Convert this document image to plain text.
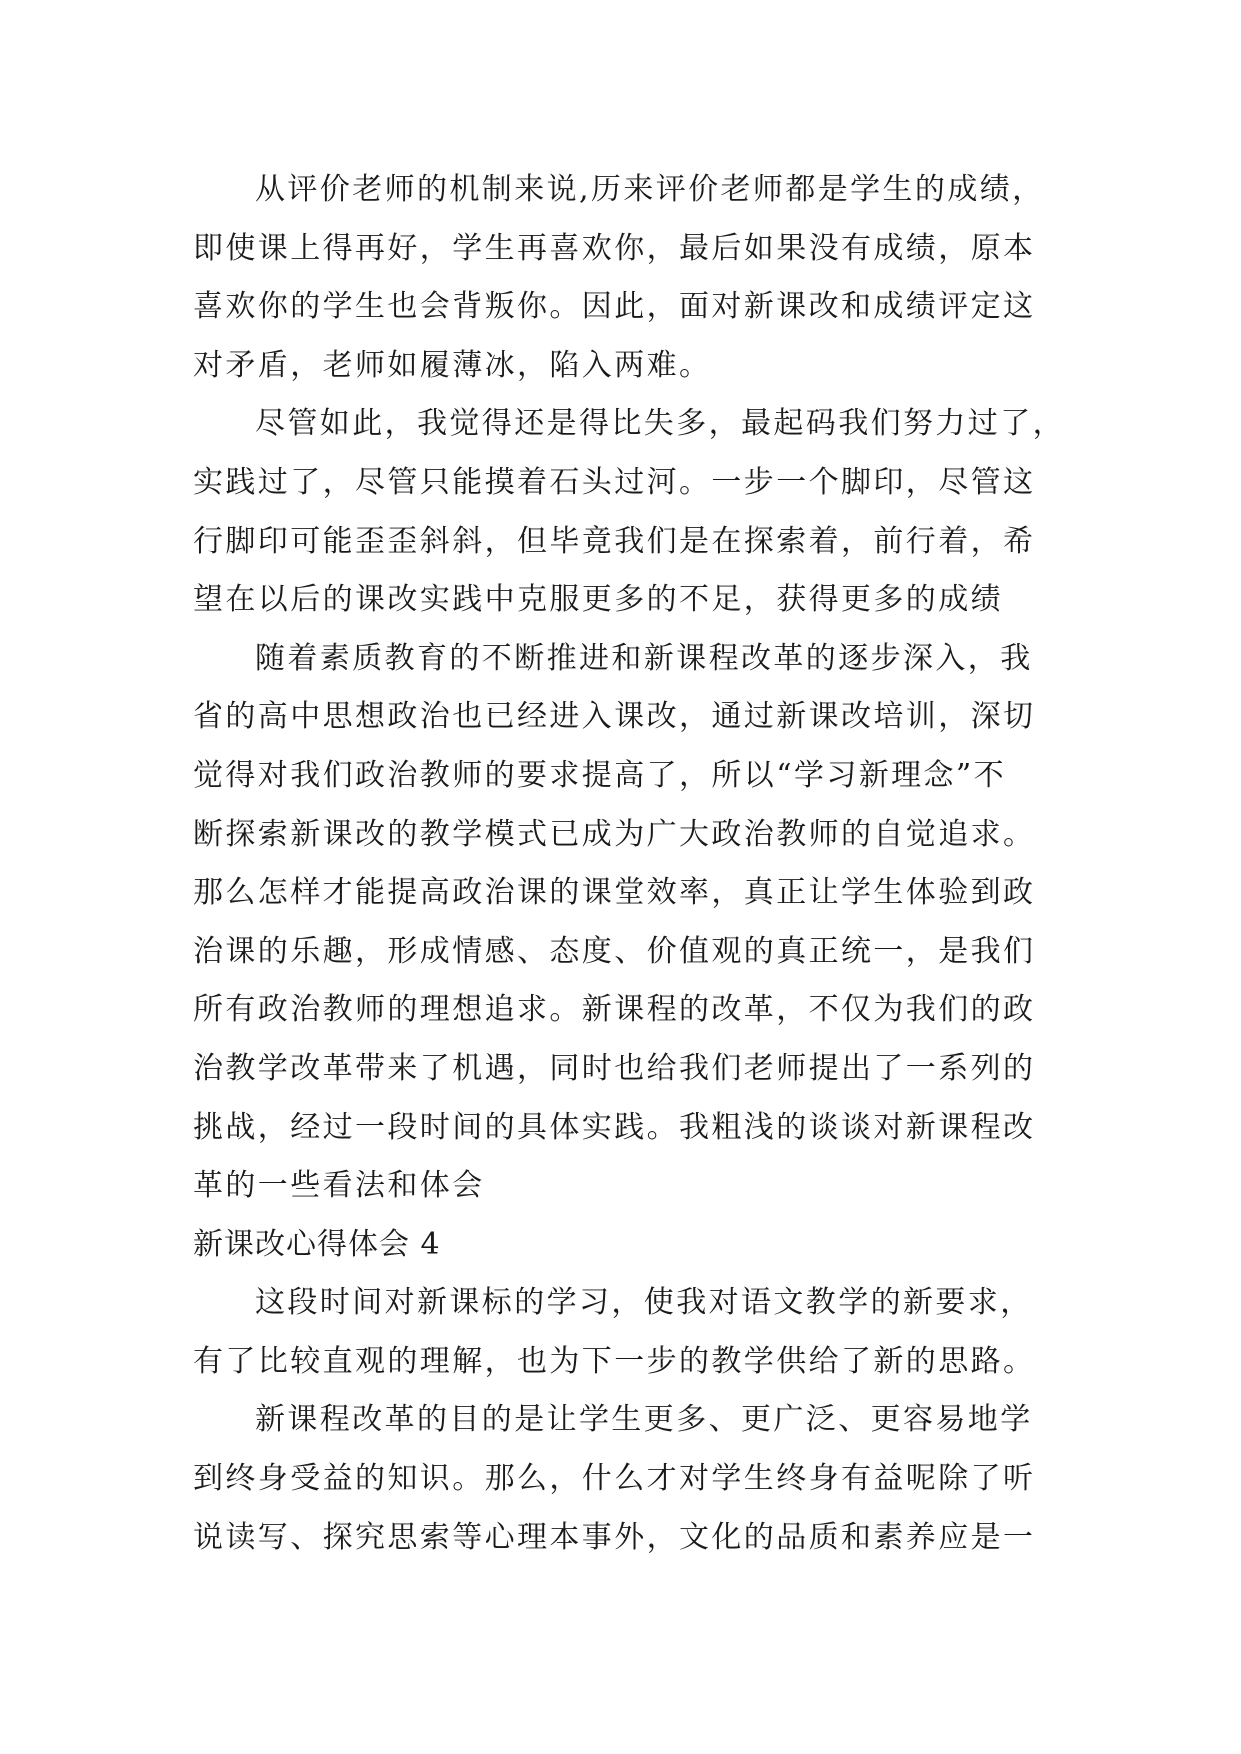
从评价老师的机制来说,历来评价老师都是学生的成绩，
即使课上得再好，学生再喜欢你，最后如果没有成绩，原本
喜欢你的学生也会背叛你。因此，面对新课改和成绩评定这
对矛盾，老师如履薄冰，陷入两难。
尽管如此，我觉得还是得比失多，最起码我们努力过了，
实践过了，尽管只能摸着石头过河。一步一个脚印，尽管这
行脚印可能歪歪斜斜，但毕竟我们是在探索着，前行着，希
望在以后的课改实践中克服更多的不足，获得更多的成绩
随着素质教育的不断推进和新课程改革的逐步深入，我
省的高中思想政治也已经进入课改，通过新课改培训，深切
觉得对我们政治教师的要求提高了，所以“学习新理念”不
断探索新课改的教学模式已成为广大政治教师的自觉追求。
那么怎样才能提高政治课的课堂效率，真正让学生体验到政
治课的乐趣，形成情感、态度、价值观的真正统一，是我们
所有政治教师的理想追求。新课程的改革，不仅为我们的政
治教学改革带来了机遇，同时也给我们老师提出了一系列的
挑战，经过一段时间的具体实践。我粗浅的谈谈对新课程改
革的一些看法和体会
新课改心得体会 4
这段时间对新课标的学习，使我对语文教学的新要求，
有了比较直观的理解，也为下一步的教学供给了新的思路。
新课程改革的目的是让学生更多、更广泛、更容易地学
到终身受益的知识。那么，什么才对学生终身有益呢除了听
说读写、探究思索等心理本事外，文化的品质和素养应是一
